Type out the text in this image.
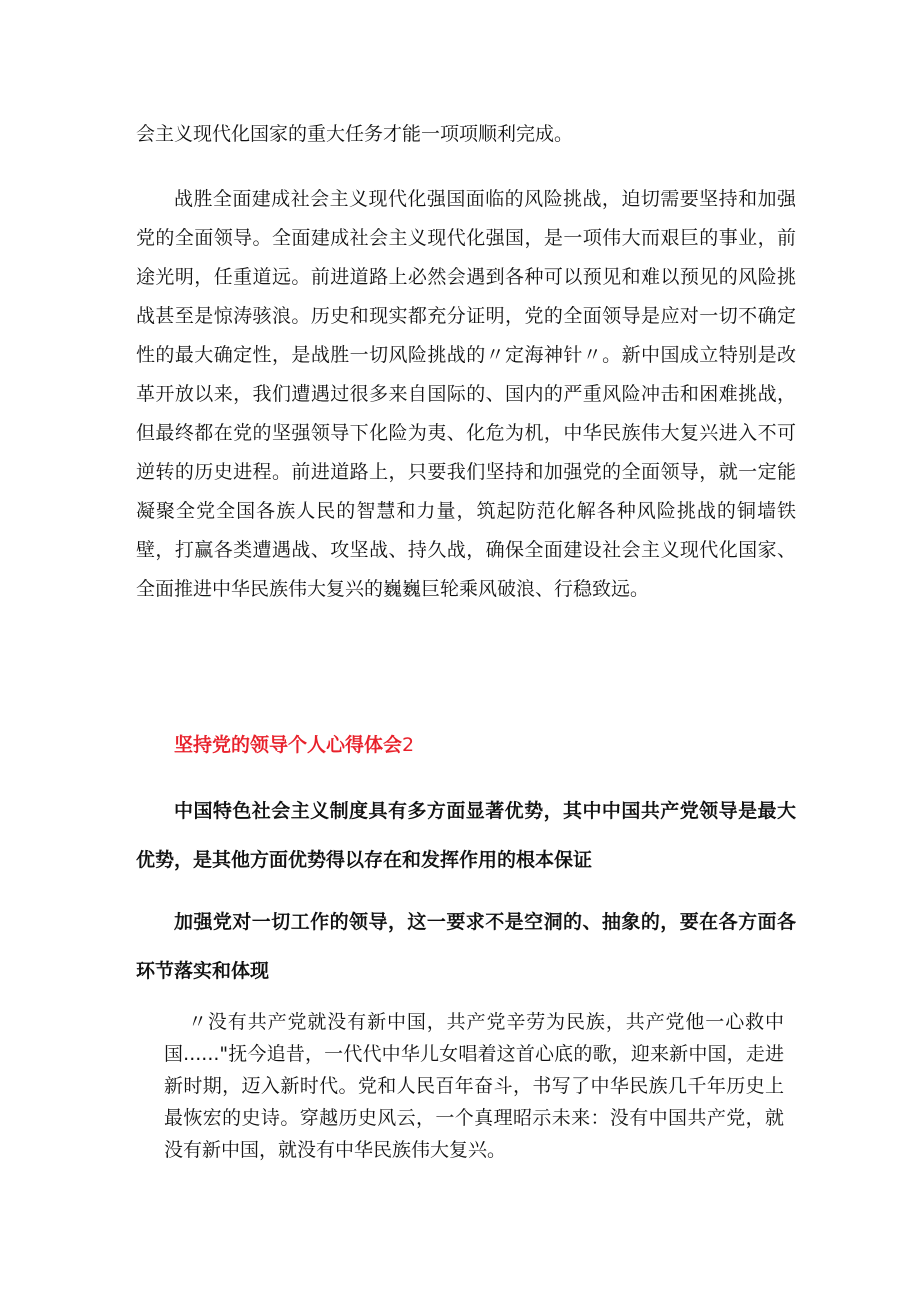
会主义现代化国家的重大任务才能一项项顺利完成。

战胜全面建成社会主义现代化强国面临的风险挑战，迫切需要坚持和加强党的全面领导。全面建成社会主义现代化强国，是一项伟大而艰巨的事业，前途光明，任重道远。前进道路上必然会遇到各种可以预见和难以预见的风险挑战甚至是惊涛骇浪。历史和现实都充分证明，党的全面领导是应对一切不确定性的最大确定性，是战胜一切风险挑战的〃定海神针〃。新中国成立特别是改革开放以来，我们遭遇过很多来自国际的、国内的严重风险冲击和困难挑战，但最终都在党的坚强领导下化险为夷、化危为机，中华民族伟大复兴进入不可逆转的历史进程。前进道路上，只要我们坚持和加强党的全面领导，就一定能凝聚全党全国各族人民的智慧和力量，筑起防范化解各种风险挑战的铜墙铁壁，打赢各类遭遇战、攻坚战、持久战，确保全面建设社会主义现代化国家、全面推进中华民族伟大复兴的巍巍巨轮乘风破浪、行稳致远。

坚持党的领导个人心得体会2

中国特色社会主义制度具有多方面显著优势，其中中国共产党领导是最大优势，是其他方面优势得以存在和发挥作用的根本保证

加强党对一切工作的领导，这一要求不是空洞的、抽象的，要在各方面各环节落实和体现

〃没有共产党就没有新中国，共产党辛劳为民族，共产党他一心救中国......"抚今追昔，一代代中华儿女唱着这首心底的歌，迎来新中国，走进新时期，迈入新时代。党和人民百年奋斗，书写了中华民族几千年历史上最恢宏的史诗。穿越历史风云，一个真理昭示未来：没有中国共产党，就没有新中国，就没有中华民族伟大复兴。
